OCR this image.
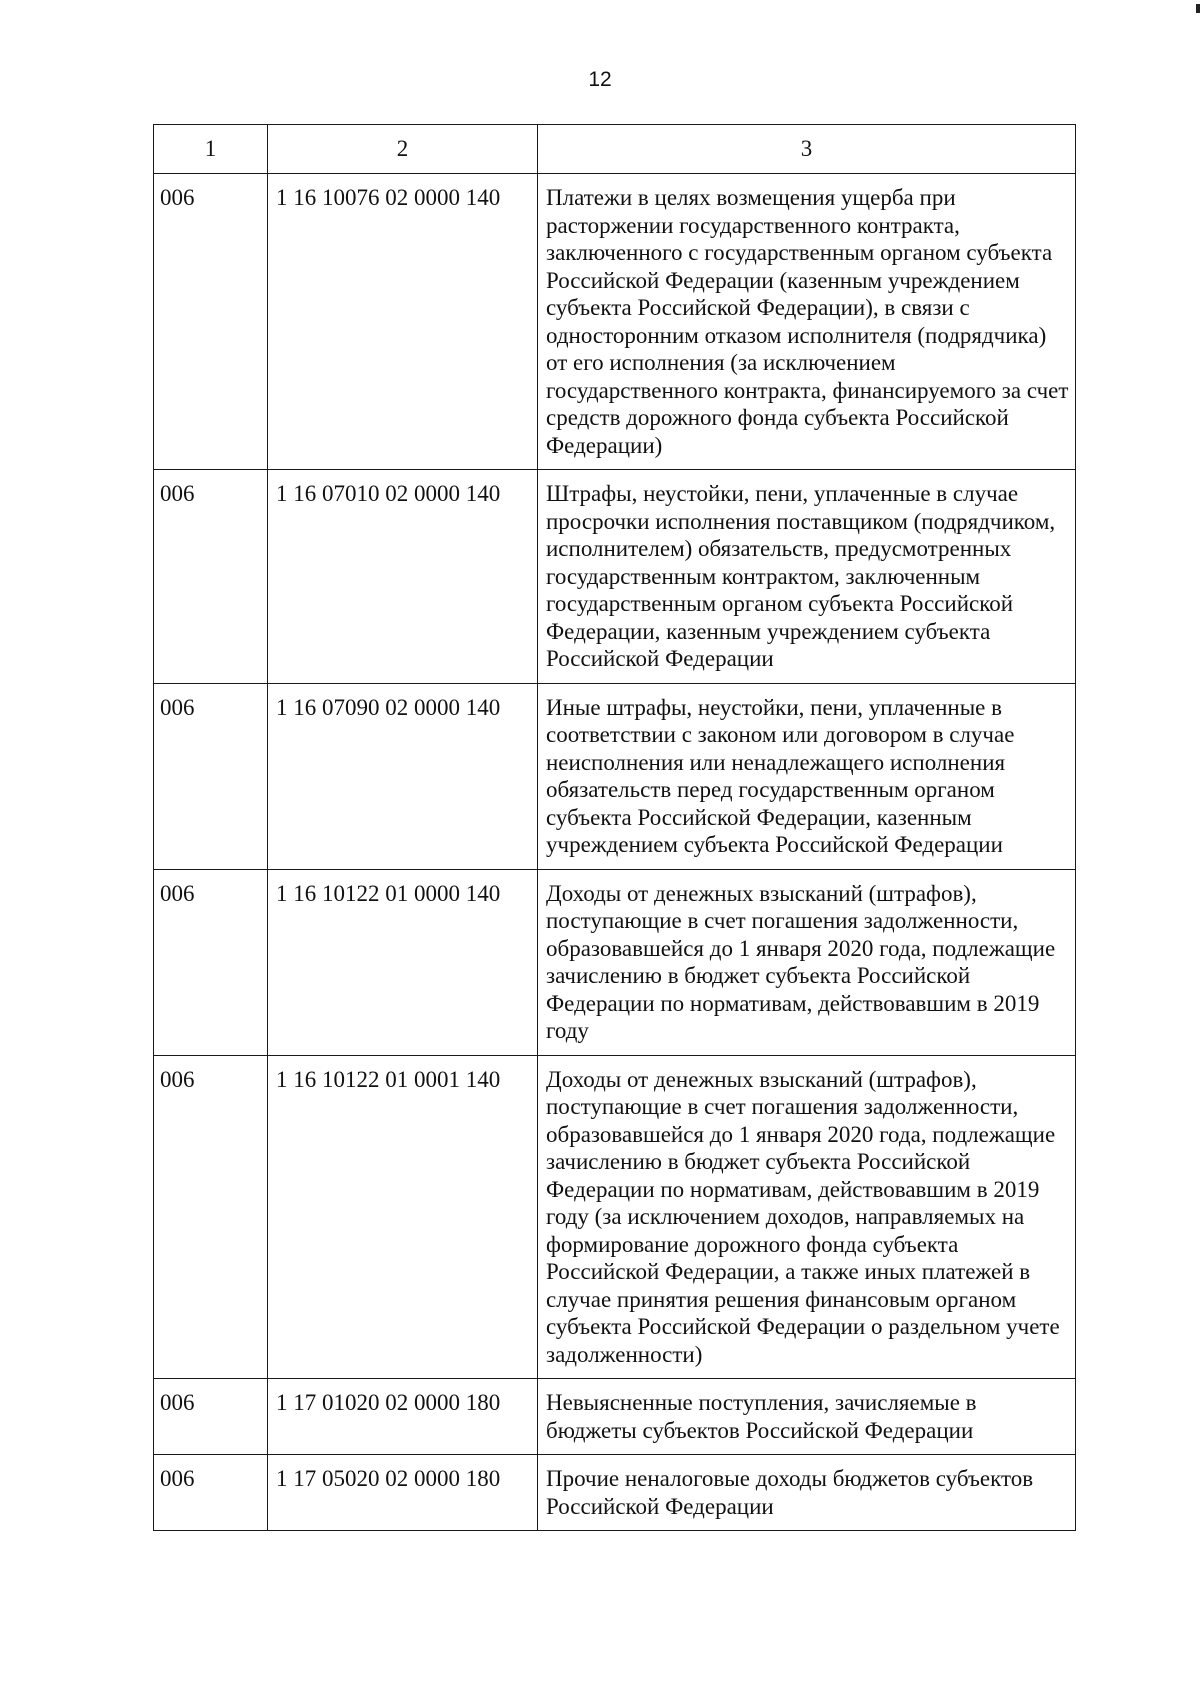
12
1	2	3
006	1 16 10076 02 0000 140	Платежи в целях возмещения ущерба при расторжении государственного контракта, заключенного с государственным органом субъекта Российской Федерации (казенным учреждением субъекта Российской Федерации), в связи с односторонним отказом исполнителя (подрядчика) от его исполнения (за исключением государственного контракта, финансируемого за счет средств дорожного фонда субъекта Российской Федерации)
006	1 16 07010 02 0000 140	Штрафы, неустойки, пени, уплаченные в случае просрочки исполнения поставщиком (подрядчиком, исполнителем) обязательств, предусмотренных государственным контрактом, заключенным государственным органом субъекта Российской Федерации, казенным учреждением субъекта Российской Федерации
006	1 16 07090 02 0000 140	Иные штрафы, неустойки, пени, уплаченные в соответствии с законом или договором в случае неисполнения или ненадлежащего исполнения обязательств перед государственным органом субъекта Российской Федерации, казенным учреждением субъекта Российской Федерации
006	1 16 10122 01 0000 140	Доходы от денежных взысканий (штрафов), поступающие в счет погашения задолженности, образовавшейся до 1 января 2020 года, подлежащие зачислению в бюджет субъекта Российской Федерации по нормативам, действовавшим в 2019 году
006	1 16 10122 01 0001 140	Доходы от денежных взысканий (штрафов), поступающие в счет погашения задолженности, образовавшейся до 1 января 2020 года, подлежащие зачислению в бюджет субъекта Российской Федерации по нормативам, действовавшим в 2019 году (за исключением доходов, направляемых на формирование дорожного фонда субъекта Российской Федерации, а также иных платежей в случае принятия решения финансовым органом субъекта Российской Федерации о раздельном учете задолженности)
006	1 17 01020 02 0000 180	Невыясненные поступления, зачисляемые в бюджеты субъектов Российской Федерации
006	1 17 05020 02 0000 180	Прочие неналоговые доходы бюджетов субъектов Российской Федерации
